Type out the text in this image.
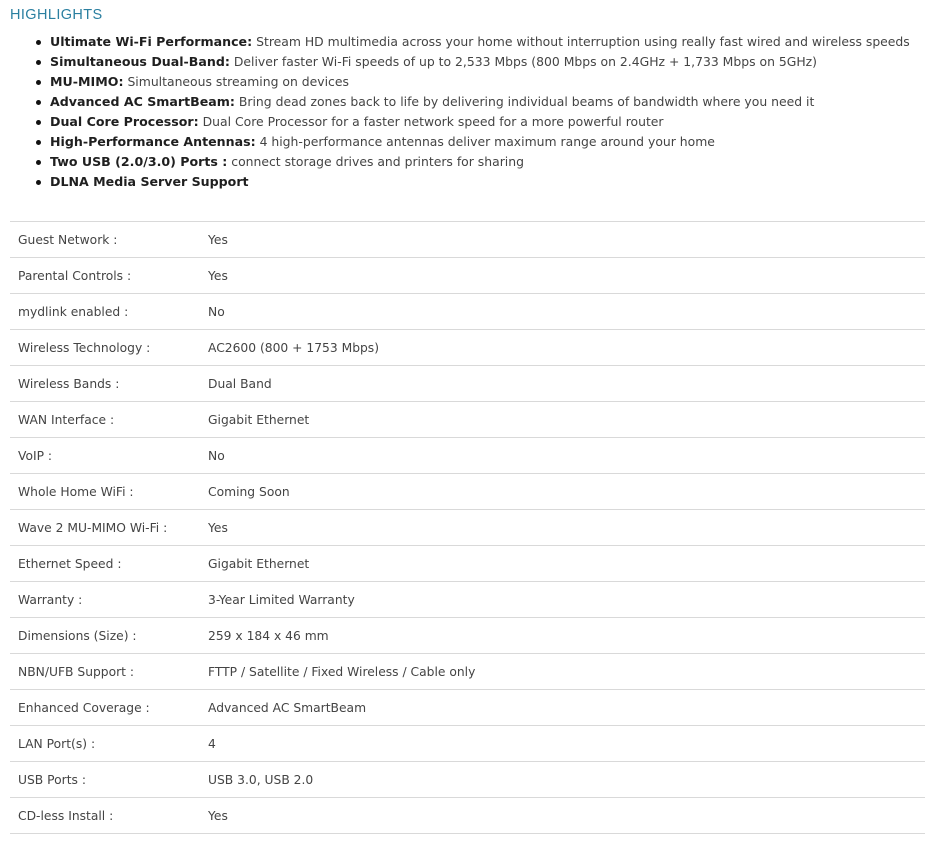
HIGHLIGHTS
Ultimate Wi-Fi Performance: Stream HD multimedia across your home without interruption using really fast wired and wireless speeds
Simultaneous Dual-Band: Deliver faster Wi-Fi speeds of up to 2,533 Mbps (800 Mbps on 2.4GHz + 1,733 Mbps on 5GHz)
MU-MIMO: Simultaneous streaming on devices
Advanced AC SmartBeam: Bring dead zones back to life by delivering individual beams of bandwidth where you need it
Dual Core Processor: Dual Core Processor for a faster network speed for a more powerful router
High-Performance Antennas: 4 high-performance antennas deliver maximum range around your home
Two USB (2.0/3.0) Ports : connect storage drives and printers for sharing
DLNA Media Server Support
Guest Network :	Yes
Parental Controls :	Yes
mydlink enabled :	No
Wireless Technology :	AC2600 (800 + 1753 Mbps)
Wireless Bands :	Dual Band
WAN Interface :	Gigabit Ethernet
VoIP :	No
Whole Home WiFi :	Coming Soon
Wave 2 MU-MIMO Wi-Fi :	Yes
Ethernet Speed :	Gigabit Ethernet
Warranty :	3-Year Limited Warranty
Dimensions (Size) :	259 x 184 x 46 mm
NBN/UFB Support :	FTTP / Satellite / Fixed Wireless / Cable only
Enhanced Coverage :	Advanced AC SmartBeam
LAN Port(s) :	4
USB Ports :	USB 3.0, USB 2.0
CD-less Install :	Yes
